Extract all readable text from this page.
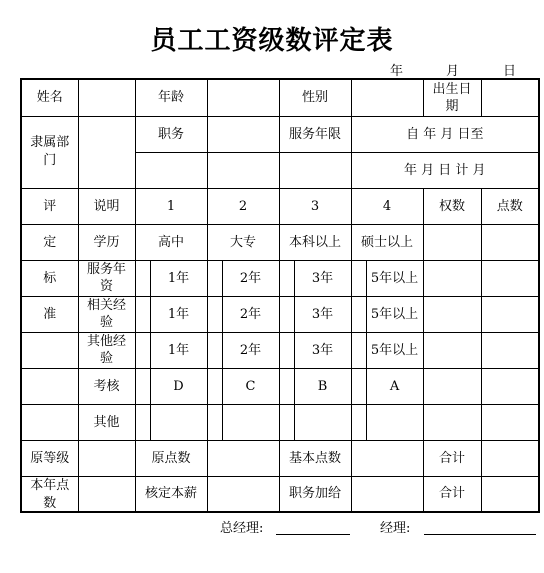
员工工资级数评定表
年	月	日
姓名		年龄				性别				出生日期	

隶属部门		职务				服务年限		自 年 月 日至			
								年 月 日 计 月			
评	说明	1		2		3		4		权数	点数
定	学历	高中		大专		本科以上		硕士以上			
标	服务年资		1年		2年		3年		5年以上		
准	相关经验		1年		2年		3年		5年以上		

	其他经验		1年		2年		3年		5年以上		
	考核		D		C		B		A		
	其他										
原等级		原点数				基本点数				合计	

本年点数		核定本薪				职务加给				合计	
总经理:	经理:
